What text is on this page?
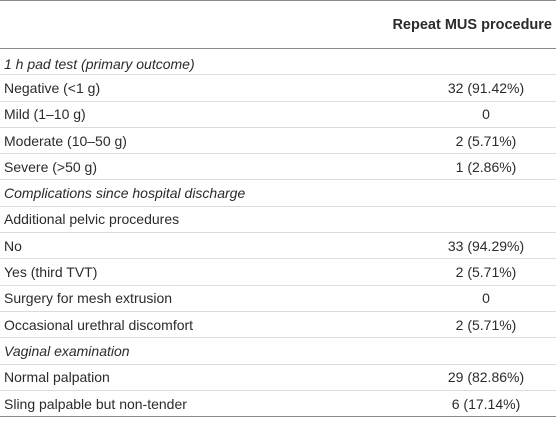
	Repeat MUS procedure
1 h pad test (primary outcome)	
Negative (<1 g)	32 (91.42%)
Mild (1–10 g)	0
Moderate (10–50 g)	2 (5.71%)
Severe (>50 g)	1 (2.86%)
Complications since hospital discharge	
Additional pelvic procedures	
No	33 (94.29%)
Yes (third TVT)	2 (5.71%)
Surgery for mesh extrusion	0
Occasional urethral discomfort	2 (5.71%)
Vaginal examination	
Normal palpation	29 (82.86%)
Sling palpable but non-tender	6 (17.14%)
